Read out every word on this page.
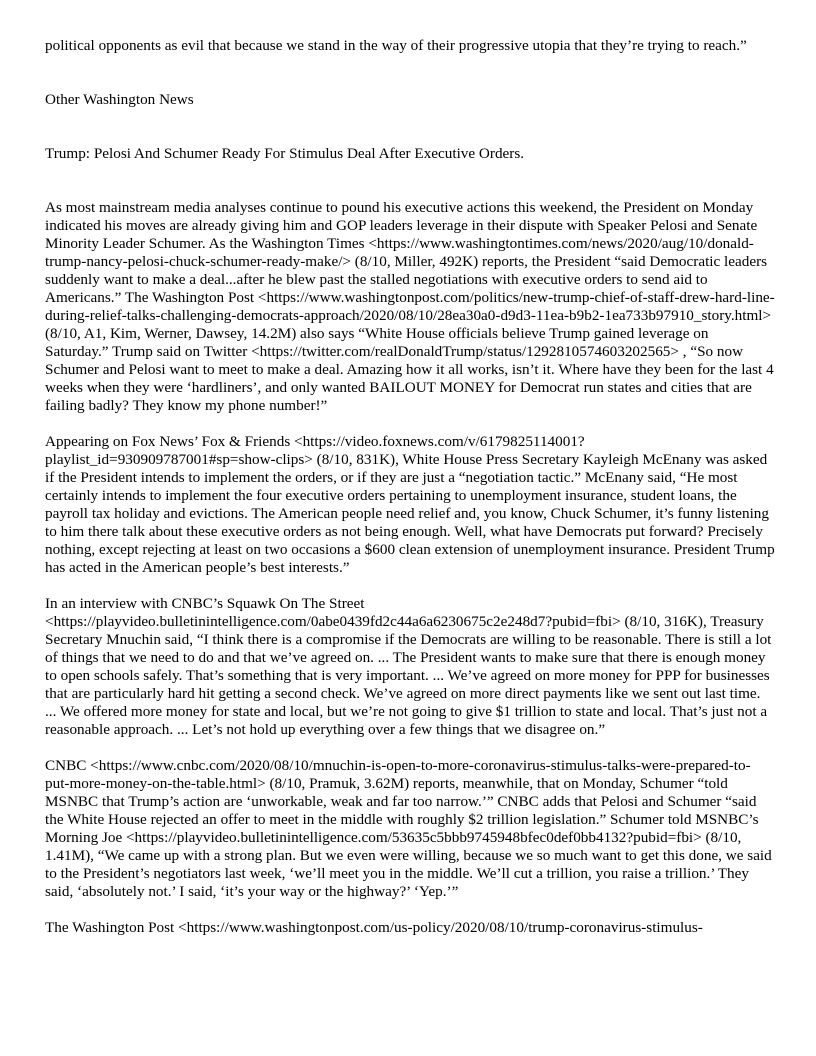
political opponents as evil that because we stand in the way of their progressive utopia that they’re trying to reach.”

Other Washington News

Trump: Pelosi And Schumer Ready For Stimulus Deal After Executive Orders.

As most mainstream media analyses continue to pound his executive actions this weekend, the President on Monday indicated his moves are already giving him and GOP leaders leverage in their dispute with Speaker Pelosi and Senate Minority Leader Schumer. As the Washington Times <https://www.washingtontimes.com/news/2020/aug/10/donald-trump-nancy-pelosi-chuck-schumer-ready-make/> (8/10, Miller, 492K) reports, the President “said Democratic leaders suddenly want to make a deal...after he blew past the stalled negotiations with executive orders to send aid to Americans.” The Washington Post <https://www.washingtonpost.com/politics/new-trump-chief-of-staff-drew-hard-line-during-relief-talks-challenging-democrats-approach/2020/08/10/28ea30a0-d9d3-11ea-b9b2-1ea733b97910_story.html> (8/10, A1, Kim, Werner, Dawsey, 14.2M) also says “White House officials believe Trump gained leverage on Saturday.” Trump said on Twitter <https://twitter.com/realDonaldTrump/status/1292810574603202565> , “So now Schumer and Pelosi want to meet to make a deal. Amazing how it all works, isn’t it. Where have they been for the last 4 weeks when they were ‘hardliners’, and only wanted BAILOUT MONEY for Democrat run states and cities that are failing badly? They know my phone number!”

Appearing on Fox News’ Fox & Friends <https://video.foxnews.com/v/6179825114001?playlist_id=930909787001#sp=show-clips> (8/10, 831K), White House Press Secretary Kayleigh McEnany was asked if the President intends to implement the orders, or if they are just a “negotiation tactic.” McEnany said, “He most certainly intends to implement the four executive orders pertaining to unemployment insurance, student loans, the payroll tax holiday and evictions. The American people need relief and, you know, Chuck Schumer, it’s funny listening to him there talk about these executive orders as not being enough. Well, what have Democrats put forward? Precisely nothing, except rejecting at least on two occasions a $600 clean extension of unemployment insurance. President Trump has acted in the American people’s best interests.”

In an interview with CNBC’s Squawk On The Street <https://playvideo.bulletinintelligence.com/0abe0439fd2c44a6a6230675c2e248d7?pubid=fbi> (8/10, 316K), Treasury Secretary Mnuchin said, “I think there is a compromise if the Democrats are willing to be reasonable. There is still a lot of things that we need to do and that we’ve agreed on. ... The President wants to make sure that there is enough money to open schools safely. That’s something that is very important. ... We’ve agreed on more money for PPP for businesses that are particularly hard hit getting a second check. We’ve agreed on more direct payments like we sent out last time. ... We offered more money for state and local, but we’re not going to give $1 trillion to state and local. That’s just not a reasonable approach. ... Let’s not hold up everything over a few things that we disagree on.”

CNBC <https://www.cnbc.com/2020/08/10/mnuchin-is-open-to-more-coronavirus-stimulus-talks-were-prepared-to-put-more-money-on-the-table.html> (8/10, Pramuk, 3.62M) reports, meanwhile, that on Monday, Schumer “told MSNBC that Trump’s action are ‘unworkable, weak and far too narrow.’” CNBC adds that Pelosi and Schumer “said the White House rejected an offer to meet in the middle with roughly $2 trillion legislation.” Schumer told MSNBC’s Morning Joe <https://playvideo.bulletinintelligence.com/53635c5bbb9745948bfec0def0bb4132?pubid=fbi> (8/10, 1.41M), “We came up with a strong plan. But we even were willing, because we so much want to get this done, we said to the President’s negotiators last week, ‘we’ll meet you in the middle. We’ll cut a trillion, you raise a trillion.’ They said, ‘absolutely not.’ I said, ‘it’s your way or the highway?’ ‘Yep.’”

The Washington Post <https://www.washingtonpost.com/us-policy/2020/08/10/trump-coronavirus-stimulus-
